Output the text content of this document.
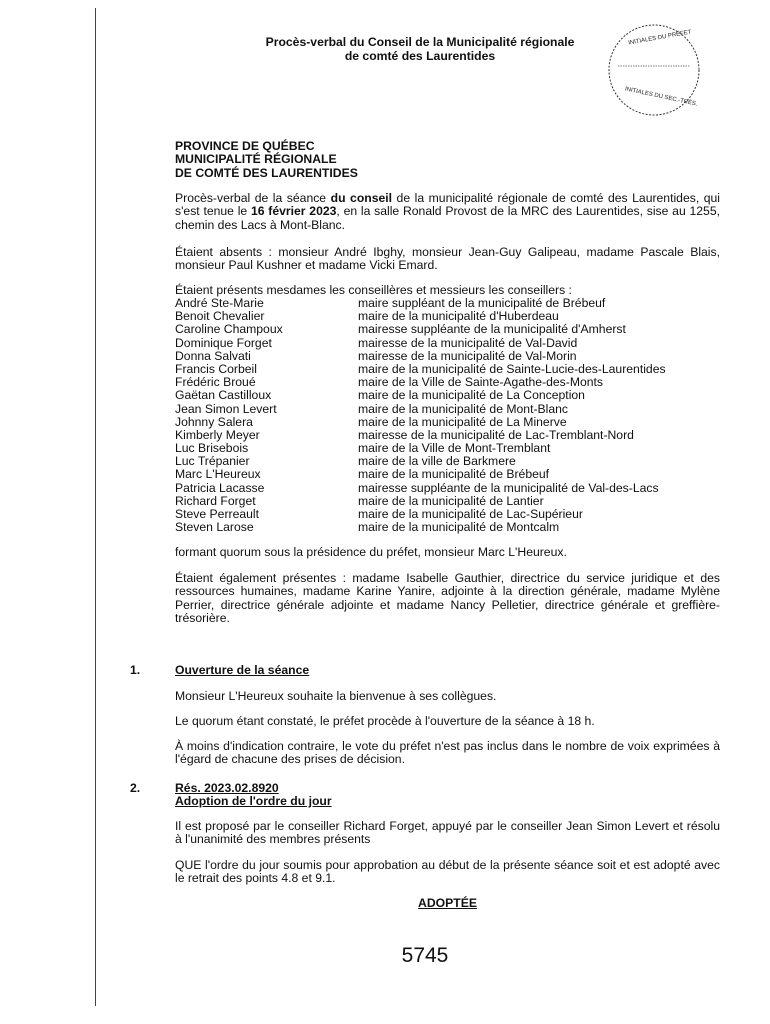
Procès-verbal du Conseil de la Municipalité régionale
de comté des Laurentides
INITIALES DU PRÉFET
INITIALES DU SEC.-TRÉS.
PROVINCE DE QUÉBEC
MUNICIPALITÉ RÉGIONALE
DE COMTÉ DES LAURENTIDES
Procès-verbal de la séance du conseil de la municipalité régionale de comté des Laurentides, qui s'est tenue le 16 février 2023, en la salle Ronald Provost de la MRC des Laurentides, sise au 1255, chemin des Lacs à Mont-Blanc.
Étaient absents : monsieur André Ibghy, monsieur Jean-Guy Galipeau, madame Pascale Blais, monsieur Paul Kushner et madame Vicki Emard.
Étaient présents mesdames les conseillères et messieurs les conseillers :
André Ste-Marie	maire suppléant de la municipalité de Brébeuf
Benoit Chevalier	maire de la municipalité d'Huberdeau
Caroline Champoux	mairesse suppléante de la municipalité d'Amherst
Dominique Forget	mairesse de la municipalité de Val-David
Donna Salvati	mairesse de la municipalité de Val-Morin
Francis Corbeil	maire de la municipalité de Sainte-Lucie-des-Laurentides
Frédéric Broué	maire de la Ville de Sainte-Agathe-des-Monts
Gaëtan Castilloux	maire de la municipalité de La Conception
Jean Simon Levert	maire de la municipalité de Mont-Blanc
Johnny Salera	maire de la municipalité de La Minerve
Kimberly Meyer	mairesse de la municipalité de Lac-Tremblant-Nord
Luc Brisebois	maire de la Ville de Mont-Tremblant
Luc Trépanier	maire de la ville de Barkmere
Marc L'Heureux	maire de la municipalité de Brébeuf
Patricia Lacasse	mairesse suppléante de la municipalité de Val-des-Lacs
Richard Forget	maire de la municipalité de Lantier
Steve Perreault	maire de la municipalité de Lac-Supérieur
Steven Larose	maire de la municipalité de Montcalm
formant quorum sous la présidence du préfet, monsieur Marc L'Heureux.
Étaient également présentes : madame Isabelle Gauthier, directrice du service juridique et des ressources humaines, madame Karine Yanire, adjointe à la direction générale, madame Mylène Perrier, directrice générale adjointe et madame Nancy Pelletier, directrice générale et greffière-trésorière.
1.	Ouverture de la séance
Monsieur L'Heureux souhaite la bienvenue à ses collègues.
Le quorum étant constaté, le préfet procède à l'ouverture de la séance à 18 h.
À moins d'indication contraire, le vote du préfet n'est pas inclus dans le nombre de voix exprimées à l'égard de chacune des prises de décision.
2.	Rés. 2023.02.8920
Adoption de l'ordre du jour
Il est proposé par le conseiller Richard Forget, appuyé par le conseiller Jean Simon Levert et résolu à l'unanimité des membres présents
QUE l'ordre du jour soumis pour approbation au début de la présente séance soit et est adopté avec le retrait des points 4.8 et 9.1.
ADOPTÉE
5745
